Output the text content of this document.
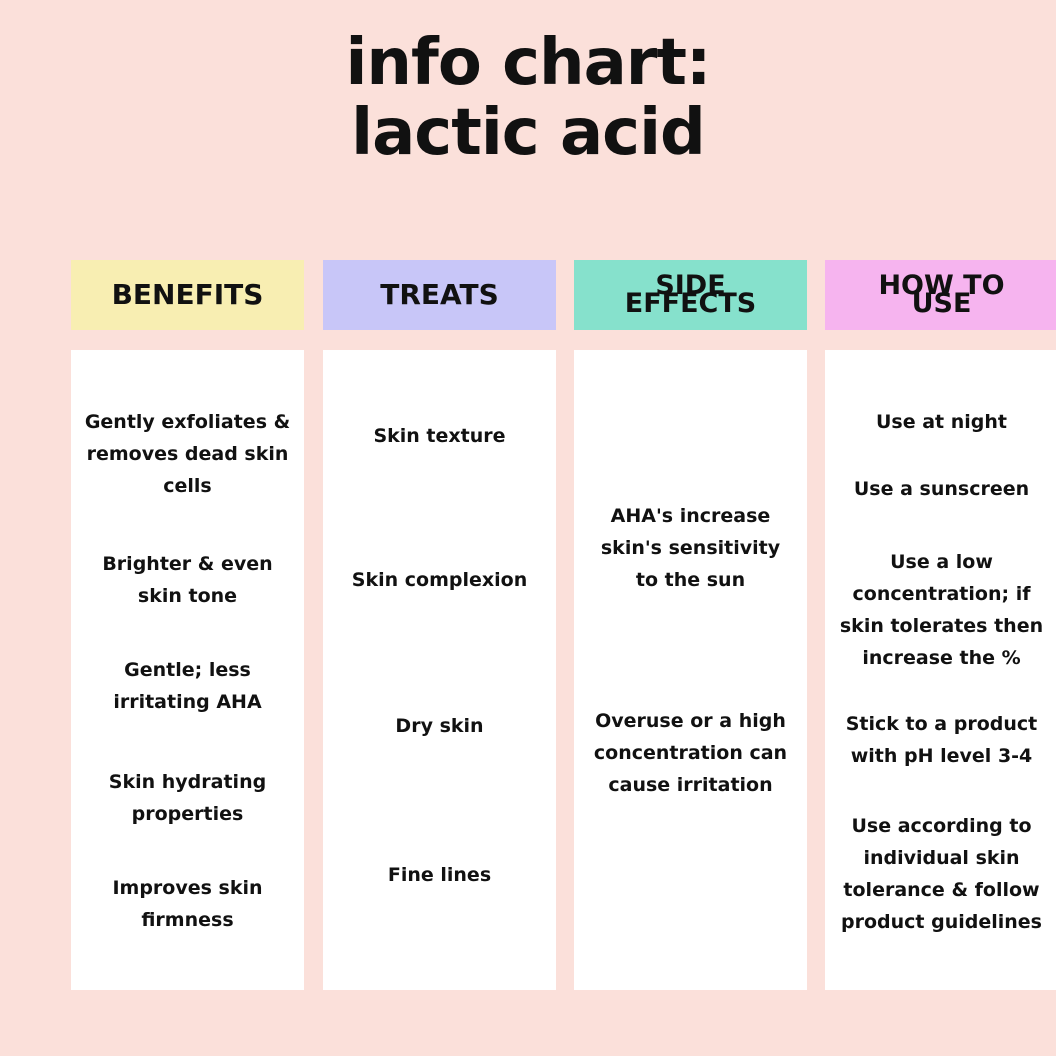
info chart:
lactic acid
BENEFITS	TREATS	SIDE EFFECTS
HOW TO USE
Gently exfoliates & removes dead skin cells
Brighter & even skin tone
Gentle; less irritating AHA
Skin hydrating properties
Improves skin firmness
Skin texture
Skin complexion
Dry skin
Fine lines
AHA's increase skin's sensitivity to the sun
Overuse or a high concentration can cause irritation
Use at night
Use a sunscreen
Use a low concentration; if skin tolerates then increase the %
Stick to a product with pH level 3-4
Use according to individual skin tolerance & follow product guidelines
